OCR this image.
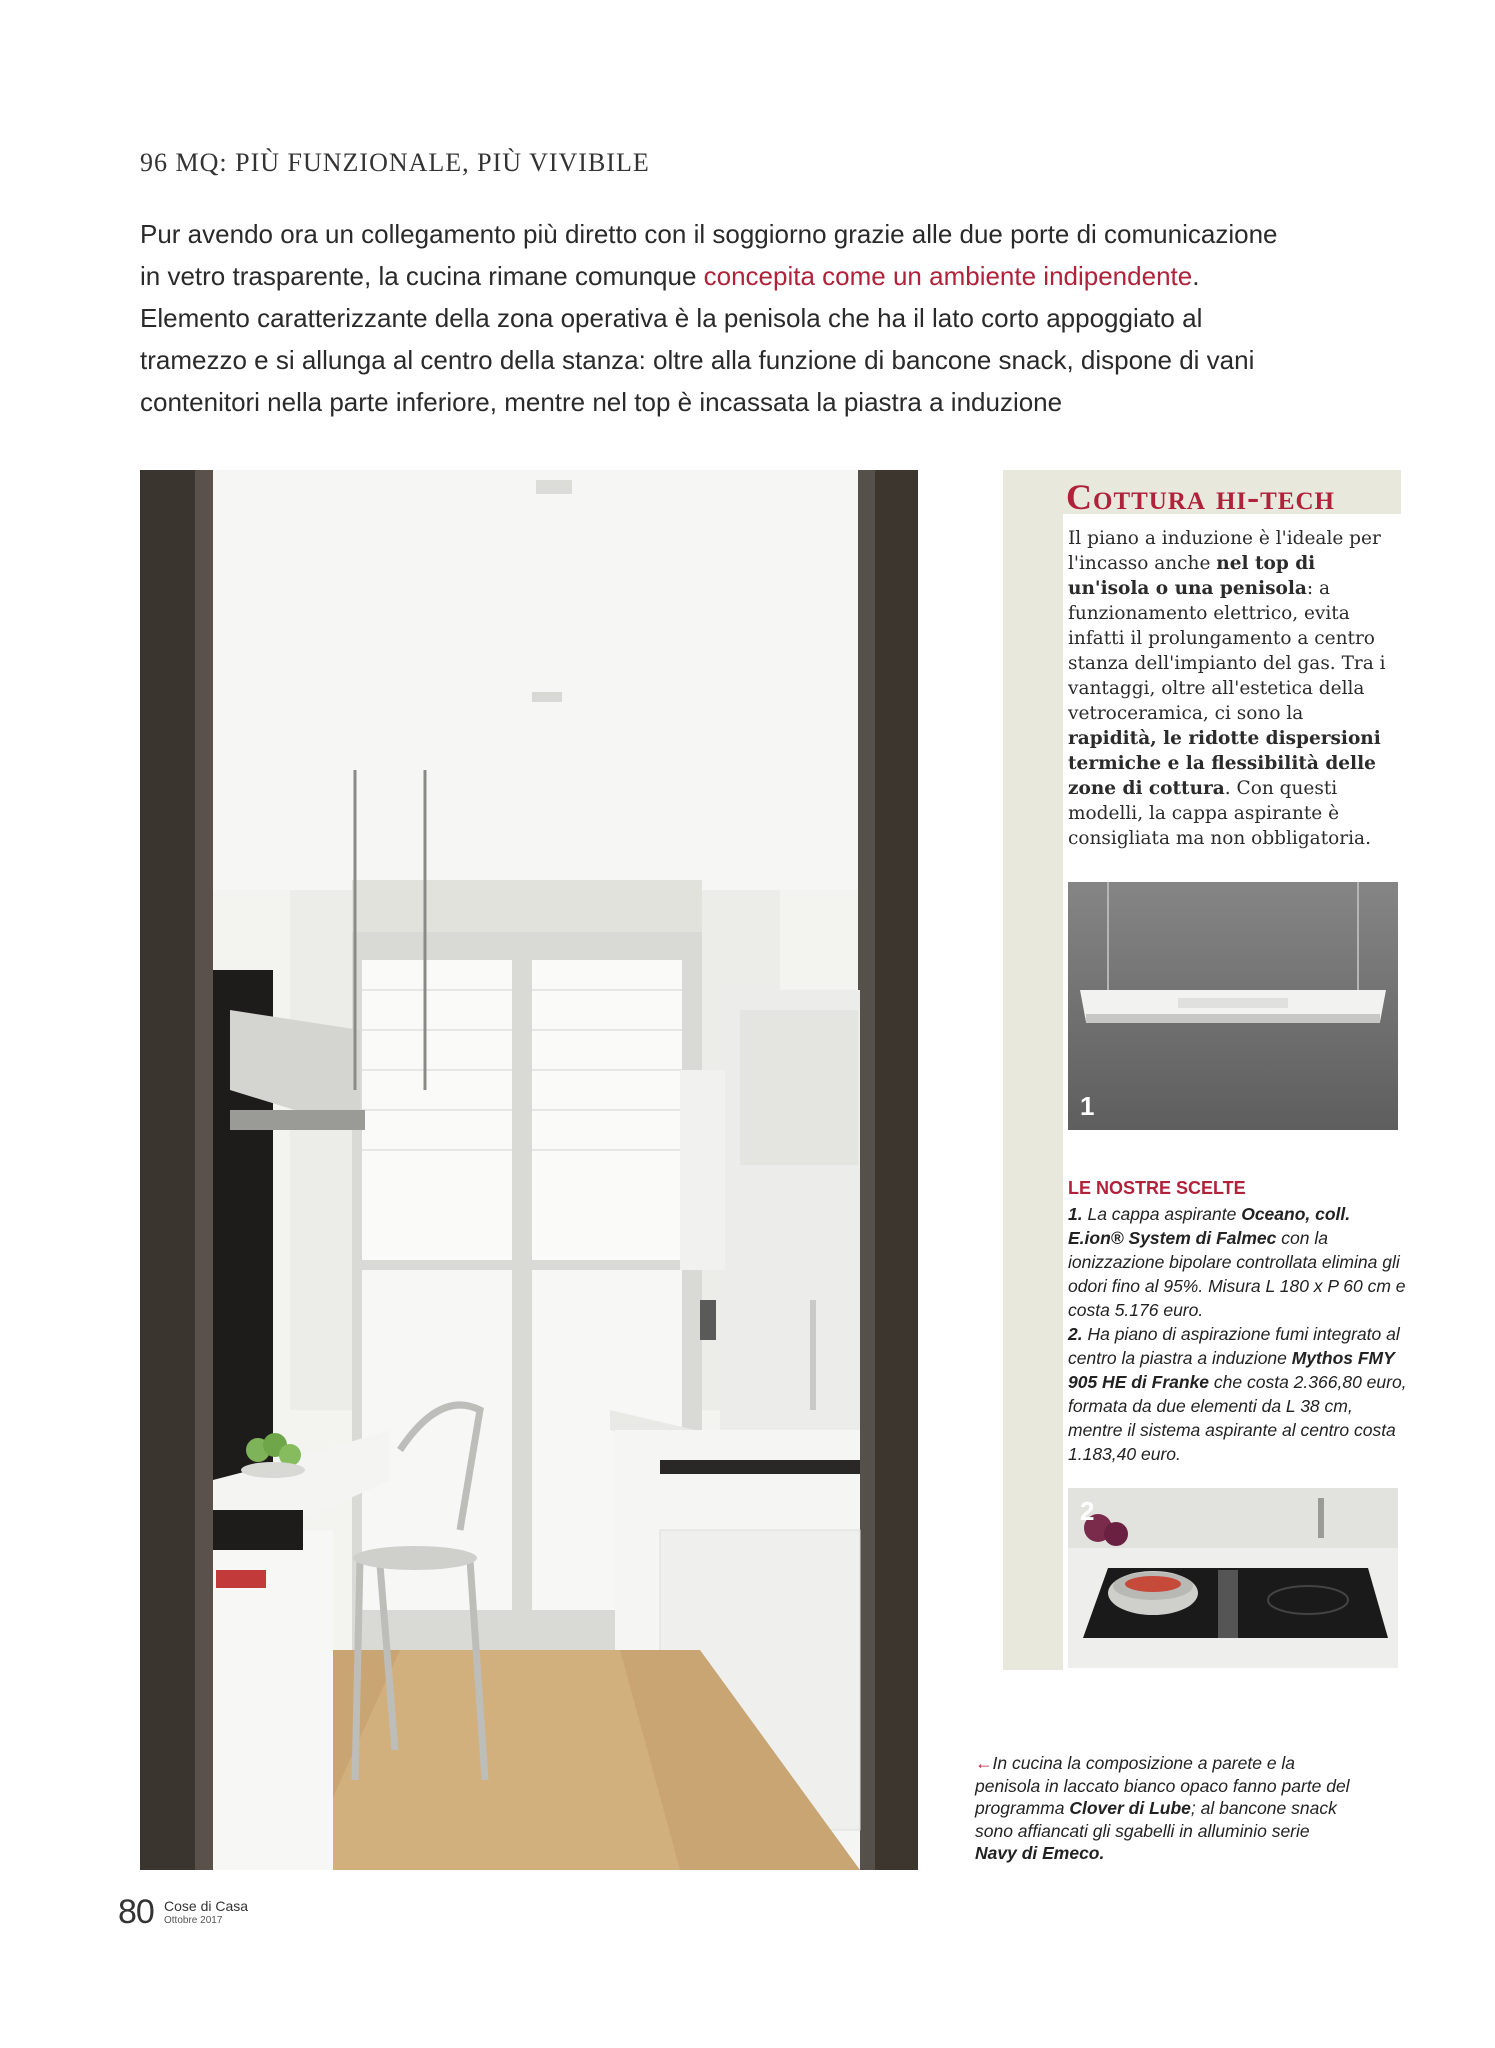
96 MQ: PIÙ FUNZIONALE, PIÙ VIVIBILE

Pur avendo ora un collegamento più diretto con il soggiorno grazie alle due porte di comunicazione in vetro trasparente, la cucina rimane comunque concepita come un ambiente indipendente. Elemento caratterizzante della zona operativa è la penisola che ha il lato corto appoggiato al tramezzo e si allunga al centro della stanza: oltre alla funzione di bancone snack, dispone di vani contenitori nella parte inferiore, mentre nel top è incassata la piastra a induzione

Cottura hi-tech
Il piano a induzione è l'ideale per l'incasso anche nel top di un'isola o una penisola: a funzionamento elettrico, evita infatti il prolungamento a centro stanza dell'impianto del gas. Tra i vantaggi, oltre all'estetica della vetroceramica, ci sono la rapidità, le ridotte dispersioni termiche e la flessibilità delle zone di cottura. Con questi modelli, la cappa aspirante è consigliata ma non obbligatoria.
1
LE NOSTRE SCELTE
1. La cappa aspirante Oceano, coll. E.ion® System di Falmec con la ionizzazione bipolare controllata elimina gli odori fino al 95%. Misura L 180 x P 60 cm e costa 5.176 euro.
2. Ha piano di aspirazione fumi integrato al centro la piastra a induzione Mythos FMY 905 HE di Franke che costa 2.366,80 euro, formata da due elementi da L 38 cm, mentre il sistema aspirante al centro costa 1.183,40 euro.
2
←In cucina la composizione a parete e la penisola in laccato bianco opaco fanno parte del programma Clover di Lube; al bancone snack sono affiancati gli sgabelli in alluminio serie Navy di Emeco.
80 Cose di Casa
Ottobre 2017
